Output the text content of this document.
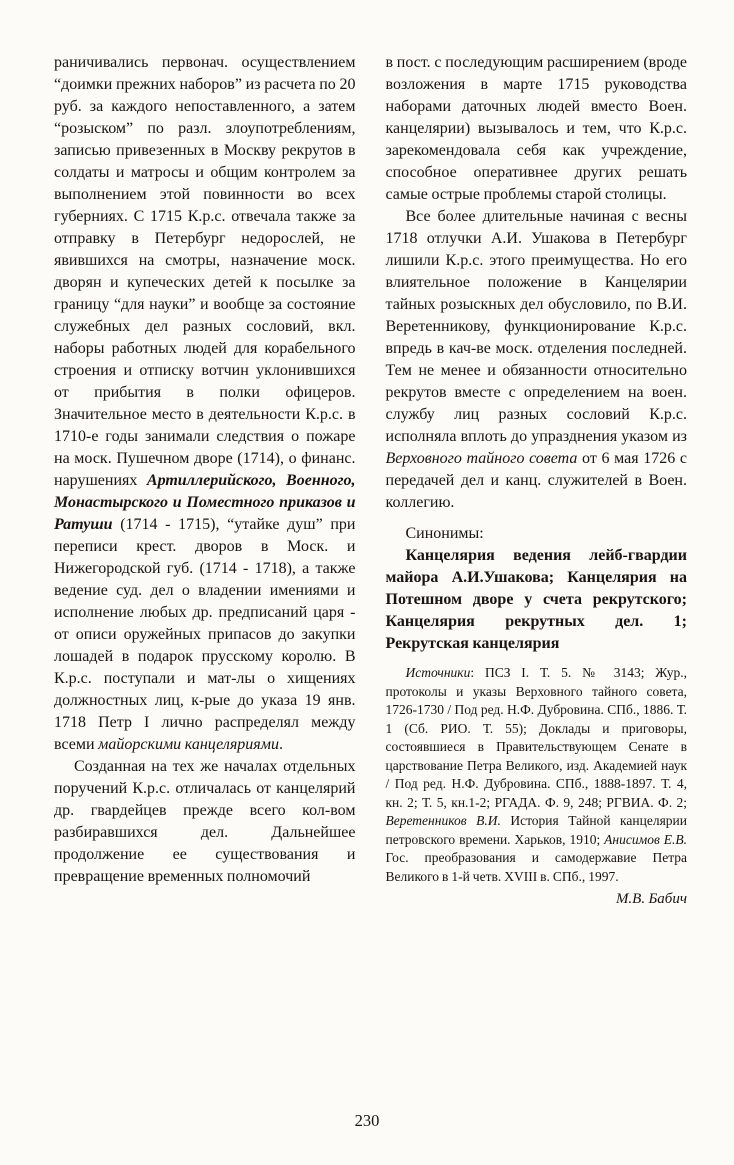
раничивались первонач. осуществлением “доимки прежних наборов” из расчета по 20 руб. за каждого непоставленного, а затем “розыском” по разл. злоупотреблениям, записью привезенных в Москву рекрутов в солдаты и матросы и общим контролем за выполнением этой повинности во всех губерниях. С 1715 К.р.с. отвечала также за отправку в Петербург недорослей, не явившихся на смотры, назначение моск. дворян и купеческих детей к посылке за границу “для науки” и вообще за состояние служебных дел разных сословий, вкл. наборы работных людей для корабельного строения и отписку вотчин уклонившихся от прибытия в полки офицеров. Значительное место в деятельности К.р.с. в 1710-е годы занимали следствия о пожаре на моск. Пушечном дворе (1714), о финанс. нарушениях Артиллерийского, Военного, Монастырского и Поместного приказов и Ратуши (1714 - 1715), “утайке душ” при переписи крест. дворов в Моск. и Нижегородской губ. (1714 - 1718), а также ведение суд. дел о владении имениями и исполнение любых др. предписаний царя - от описи оружейных припасов до закупки лошадей в подарок прусскому королю. В К.р.с. поступали и мат-лы о хищениях должностных лиц, к-рые до указа 19 янв. 1718 Петр I лично распределял между всеми майорскими канцеляриями.

Созданная на тех же началах отдельных поручений К.р.с. отличалась от канцелярий др. гвардейцев прежде всего кол-вом разбиравшихся дел. Дальнейшее продолжение ее существования и превращение временных полномочий

в пост. с последующим расширением (вроде возложения в марте 1715 руководства наборами даточных людей вместо Воен. канцелярии) вызывалось и тем, что К.р.с. зарекомендовала себя как учреждение, способное оперативнее других решать самые острые проблемы старой столицы.

Все более длительные начиная с весны 1718 отлучки А.И. Ушакова в Петербург лишили К.р.с. этого преимущества. Но его влиятельное положение в Канцелярии тайных розыскных дел обусловило, по В.И. Веретенникову, функционирование К.р.с. впредь в кач-ве моск. отделения последней. Тем не менее и обязанности относительно рекрутов вместе с определением на воен. службу лиц разных сословий К.р.с. исполняла вплоть до упразднения указом из Верховного тайного совета от 6 мая 1726 с передачей дел и канц. служителей в Воен. коллегию.

Синонимы:

Канцелярия ведения лейб-гвардии майора А.И.Ушакова; Канцелярия на Потешном дворе у счета рекрутского; Канцелярия рекрутных дел. 1; Рекрутская канцелярия

Источники: ПСЗ I. Т. 5. № 3143; Жур., протоколы и указы Верховного тайного совета, 1726-1730 / Под ред. Н.Ф. Дубровина. СПб., 1886. Т. 1 (Сб. РИО. Т. 55); Доклады и приговоры, состоявшиеся в Правительствующем Сенате в царствование Петра Великого, изд. Академией наук / Под ред. Н.Ф. Дубровина. СПб., 1888-1897. Т. 4, кн. 2; Т. 5, кн.1-2; РГАДА. Ф. 9, 248; РГВИА. Ф. 2; Веретенников В.И. История Тайной канцелярии петровского времени. Харьков, 1910; Анисимов Е.В. Гос. преобразования и самодержавие Петра Великого в 1-й четв. XVIII в. СПб., 1997.

М.В. Бабич

230
